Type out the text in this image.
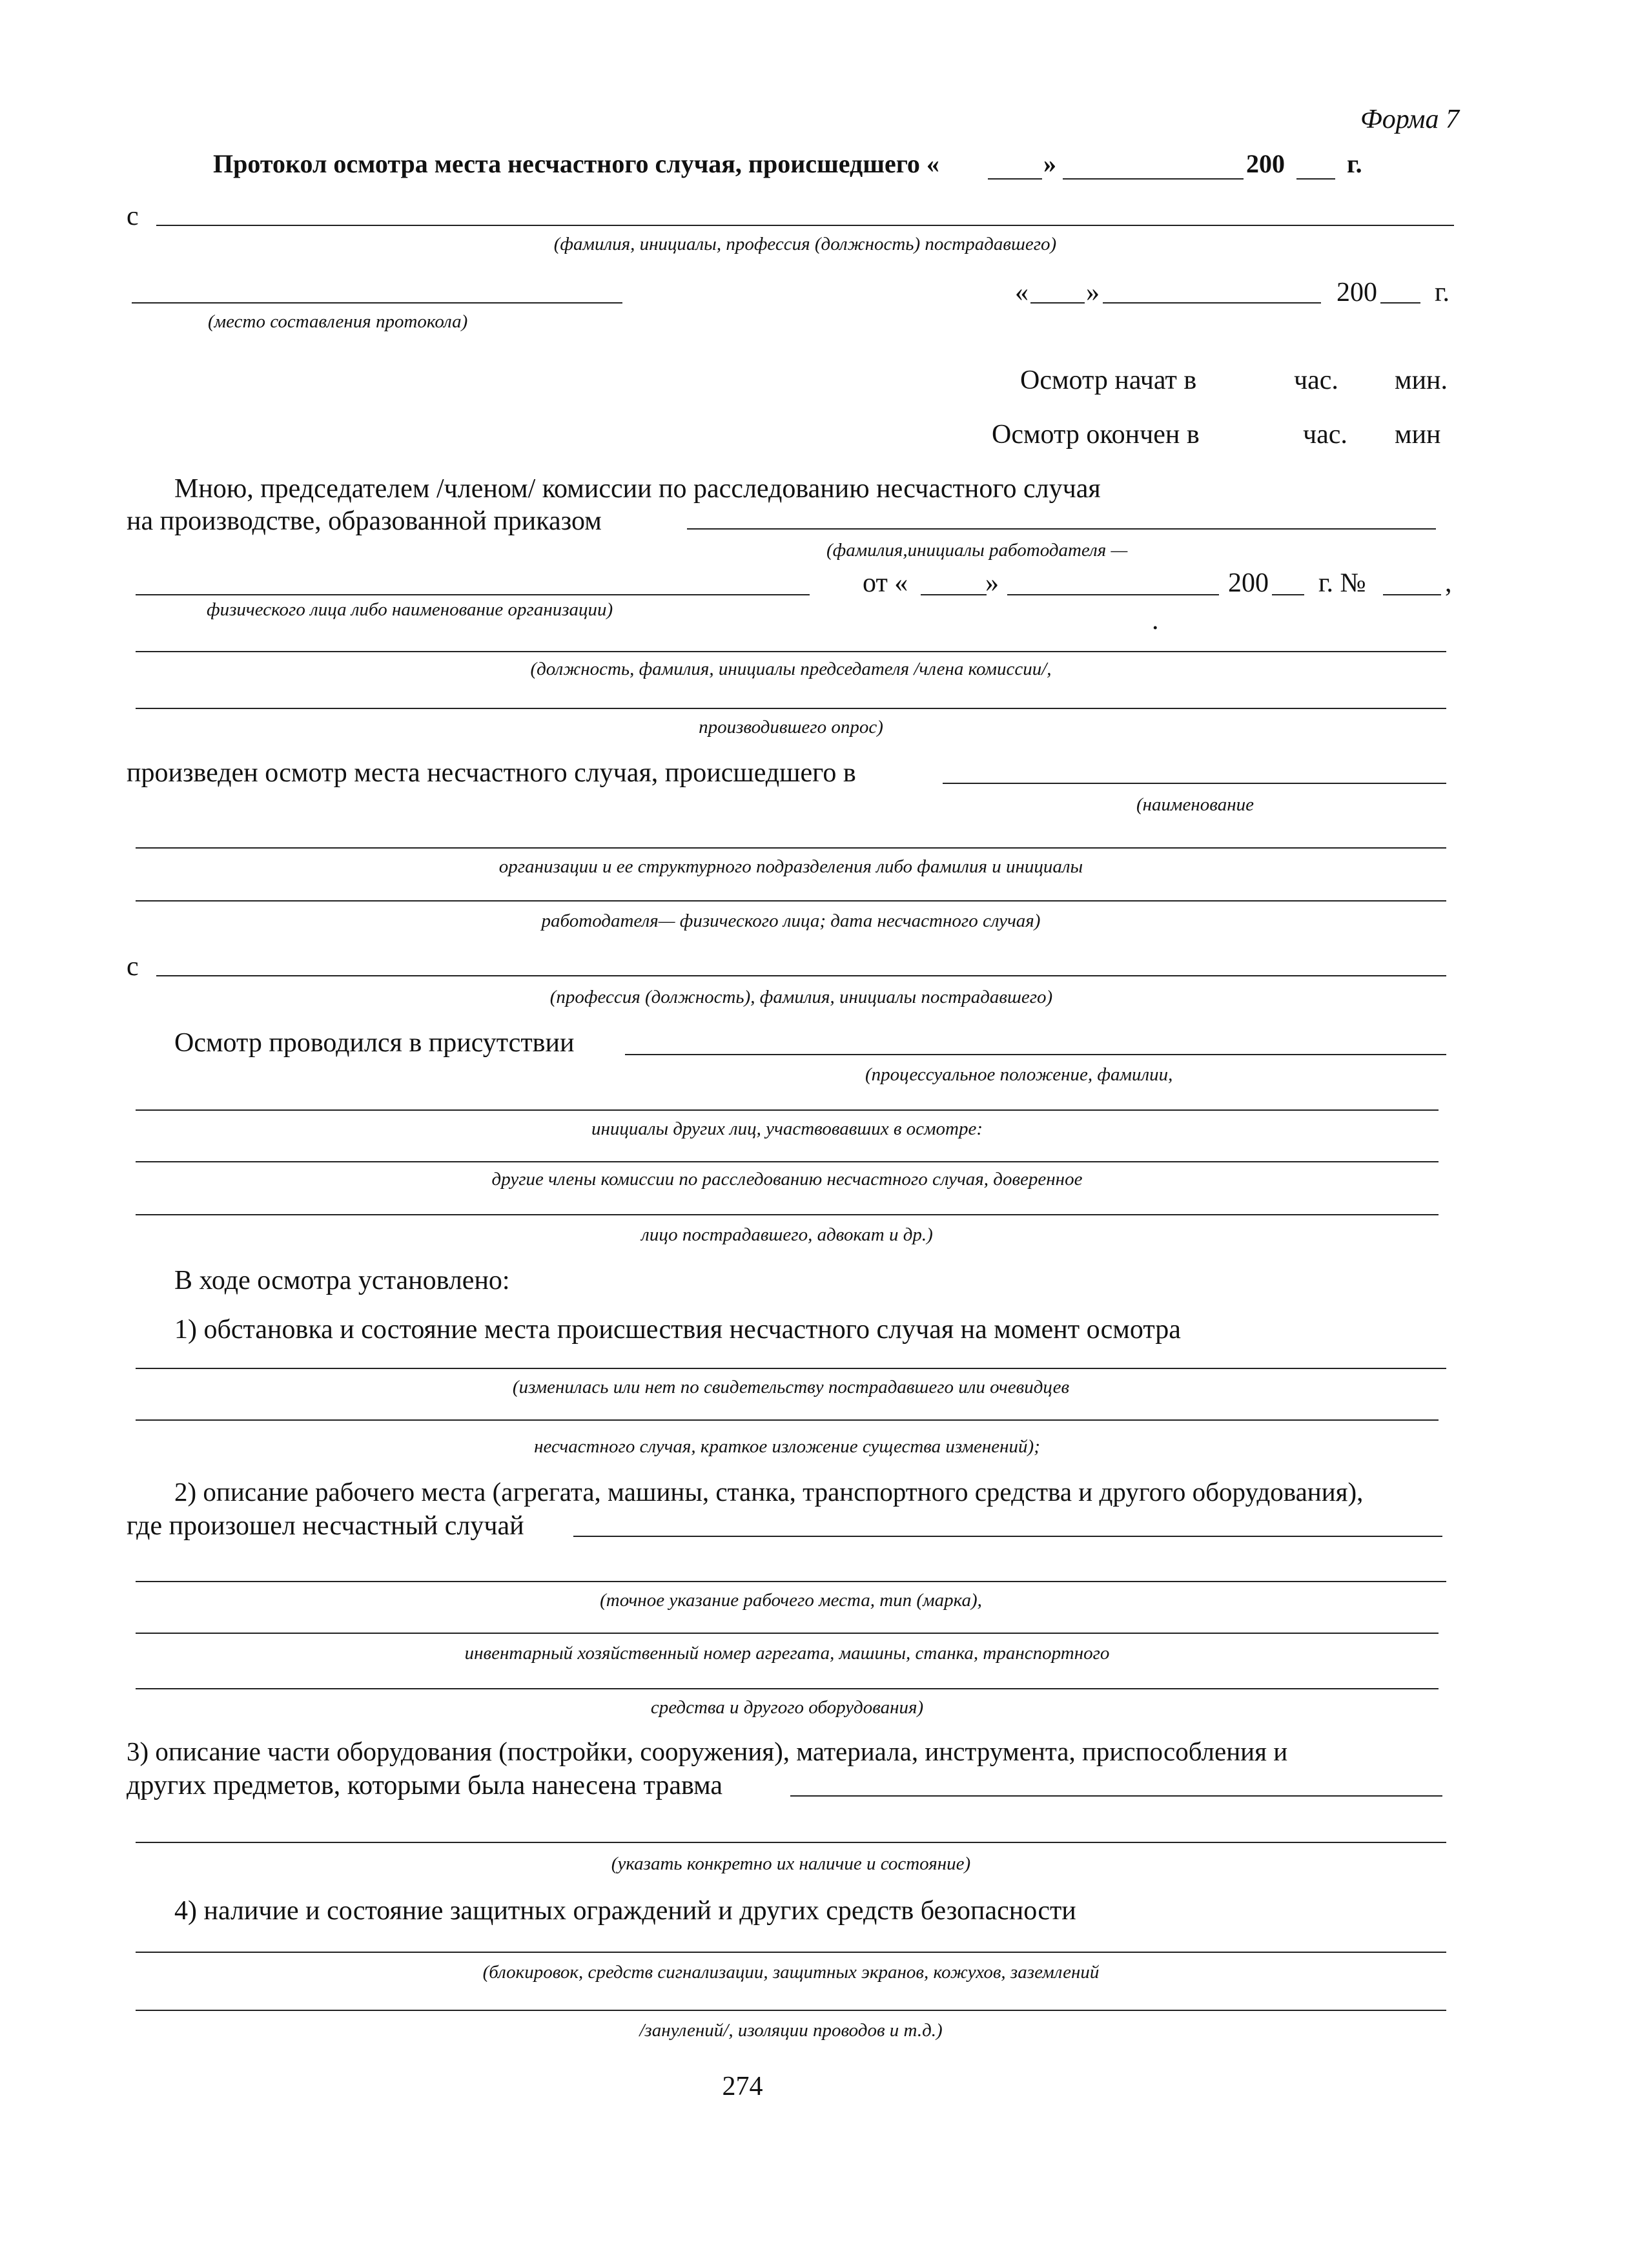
Форма 7
Протокол осмотра места несчастного случая, происшедшего «	»	200 г.
с
(фамилия, инициалы, профессия (должность) пострадавшего)
(место составления протокола)
« »	200 г.
Осмотр начат в	час. мин.
Осмотр окончен в	час. мин
Мною, председателем /членом/ комиссии по расследованию несчастного случая
на производстве, образованной приказом
(фамилия,инициалы работодателя —
от «	»	200 г. №	,
физического лица либо наименование организации)	.
(должность, фамилия, инициалы председателя /члена комиссии/,
производившего опрос)
произведен осмотр места несчастного случая, происшедшего в
(наименование
организации и ее структурного подразделения либо фамилия и инициалы
работодателя— физического лица; дата несчастного случая)
с
(профессия (должность), фамилия, инициалы пострадавшего)
Осмотр проводился в присутствии
(процессуальное положение, фамилии,
инициалы других лиц, участвовавших в осмотре:
другие члены комиссии по расследованию несчастного случая, доверенное
лицо пострадавшего, адвокат и др.)
В ходе осмотра установлено:
1) обстановка и состояние места происшествия несчастного случая на момент осмотра
(изменилась или нет по свидетельству пострадавшего или очевидцев
несчастного случая, краткое изложение существа изменений);
2) описание рабочего места (агрегата, машины, станка, транспортного средства и другого оборудования),
где произошел несчастный случай
(точное указание рабочего места, тип (марка),
инвентарный хозяйственный номер агрегата, машины, станка, транспортного
средства и другого оборудования)
3) описание части оборудования (постройки, сооружения), материала, инструмента, приспособления и
других предметов, которыми была нанесена травма
(указать конкретно их наличие и состояние)
4) наличие и состояние защитных ограждений и других средств безопасности
(блокировок, средств сигнализации, защитных экранов, кожухов, заземлений
/занулений/, изоляции проводов и т.д.)
274
